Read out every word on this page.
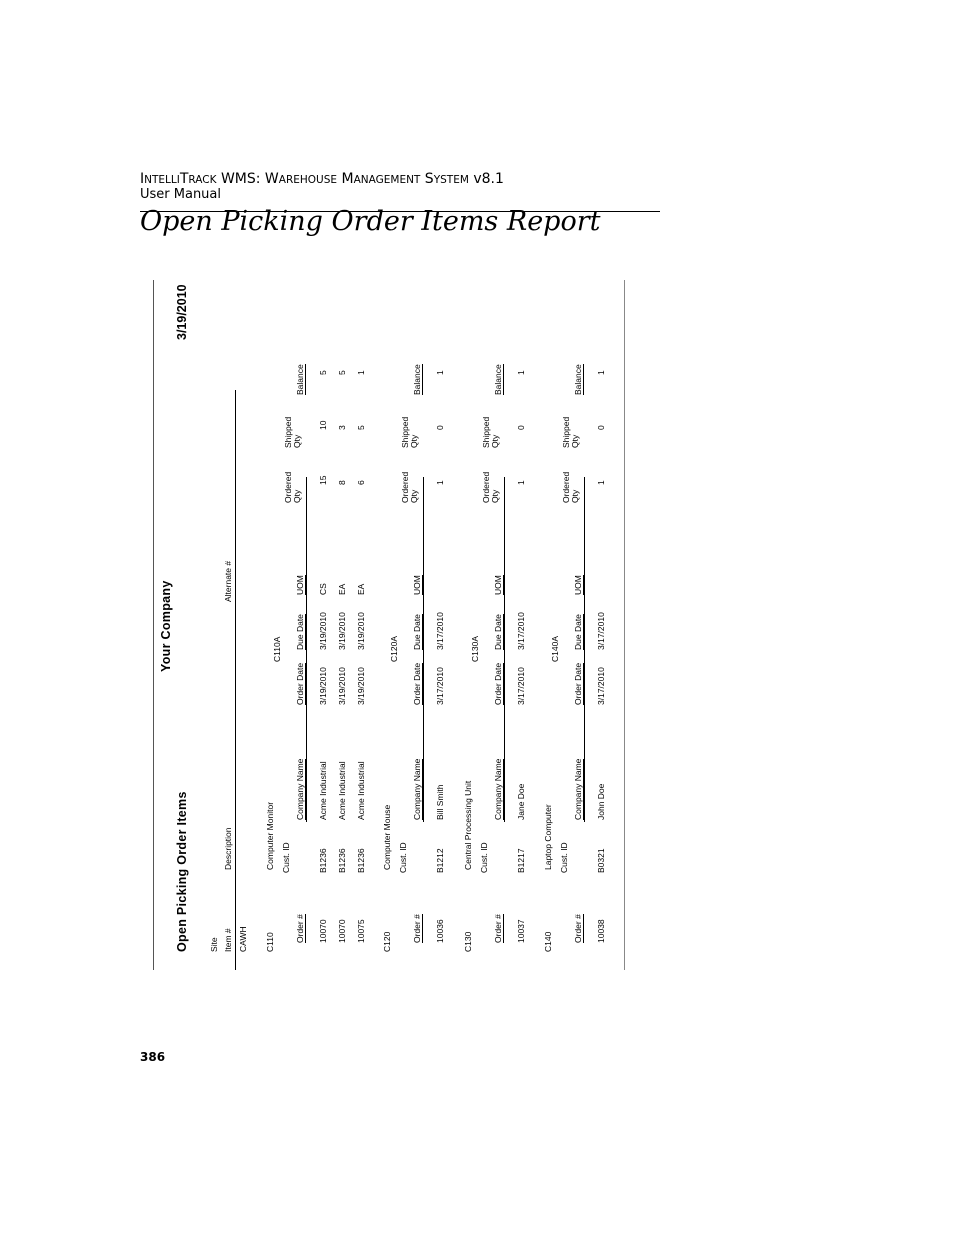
INTELLITRACK WMS: WAREHOUSE MANAGEMENT SYSTEM v8.1
User Manual
Open Picking Order Items Report
Open Picking Order Items
Your Company
3/19/2010
Site Item #
Description
Alternate #
CAWH C110
Computer Monitor
C110A
Cust. ID
Ordered Qty
Shipped Qty
Order #
Company Name
Order Date
Due Date
UOM
Balance
10070
B1236
Acme Industrial
3/19/2010
3/19/2010
CS
15
10
5
10070
B1236
Acme Industrial
3/19/2010
3/19/2010
EA
8
3
5
10075
B1236
Acme Industrial
3/19/2010
3/19/2010
EA
6
5
1
C120
Computer Mouse
C120A
Cust. ID
Ordered Qty
Shipped Qty
Order #
Company Name
Order Date
Due Date
UOM
Balance
10036
B1212
Bill Smith
3/17/2010
3/17/2010
1
0
1
C130
Central Processing Unit
C130A
Cust. ID
Ordered Qty
Shipped Qty
Order #
Company Name
Order Date
Due Date
UOM
Balance
10037
B1217
Jane Doe
3/17/2010
3/17/2010
1
0
1
C140
Laptop Computer
C140A
Cust. ID
Ordered Qty
Shipped Qty
Order #
Company Name
Order Date
Due Date
UOM
Balance
10038
B0321
John Doe
3/17/2010
3/17/2010
1
0
1
386
